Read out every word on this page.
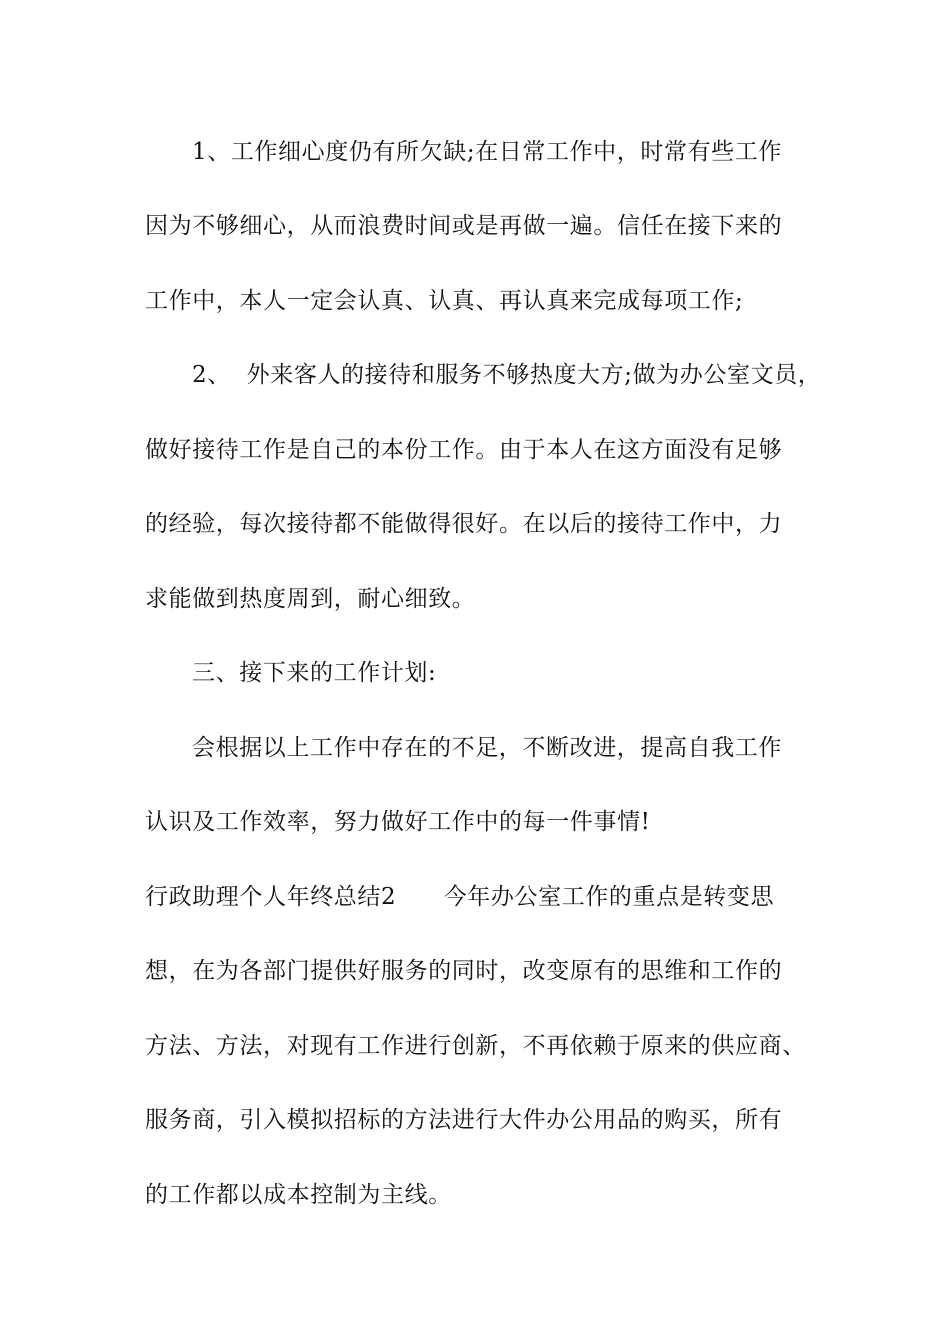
1、工作细心度仍有所欠缺;在日常工作中，时常有些工作
因为不够细心，从而浪费时间或是再做一遍。信任在接下来的
工作中，本人一定会认真、认真、再认真来完成每项工作;
2、  外来客人的接待和服务不够热度大方;做为办公室文员，
做好接待工作是自己的本份工作。由于本人在这方面没有足够
的经验，每次接待都不能做得很好。在以后的接待工作中，力
求能做到热度周到，耐心细致。
三、接下来的工作计划:
会根据以上工作中存在的不足，不断改进，提高自我工作
认识及工作效率，努力做好工作中的每一件事情!
行政助理个人年终总结2      今年办公室工作的重点是转变思
想，在为各部门提供好服务的同时，改变原有的思维和工作的
方法、方法，对现有工作进行创新，不再依赖于原来的供应商、
服务商，引入模拟招标的方法进行大件办公用品的购买，所有
的工作都以成本控制为主线。
